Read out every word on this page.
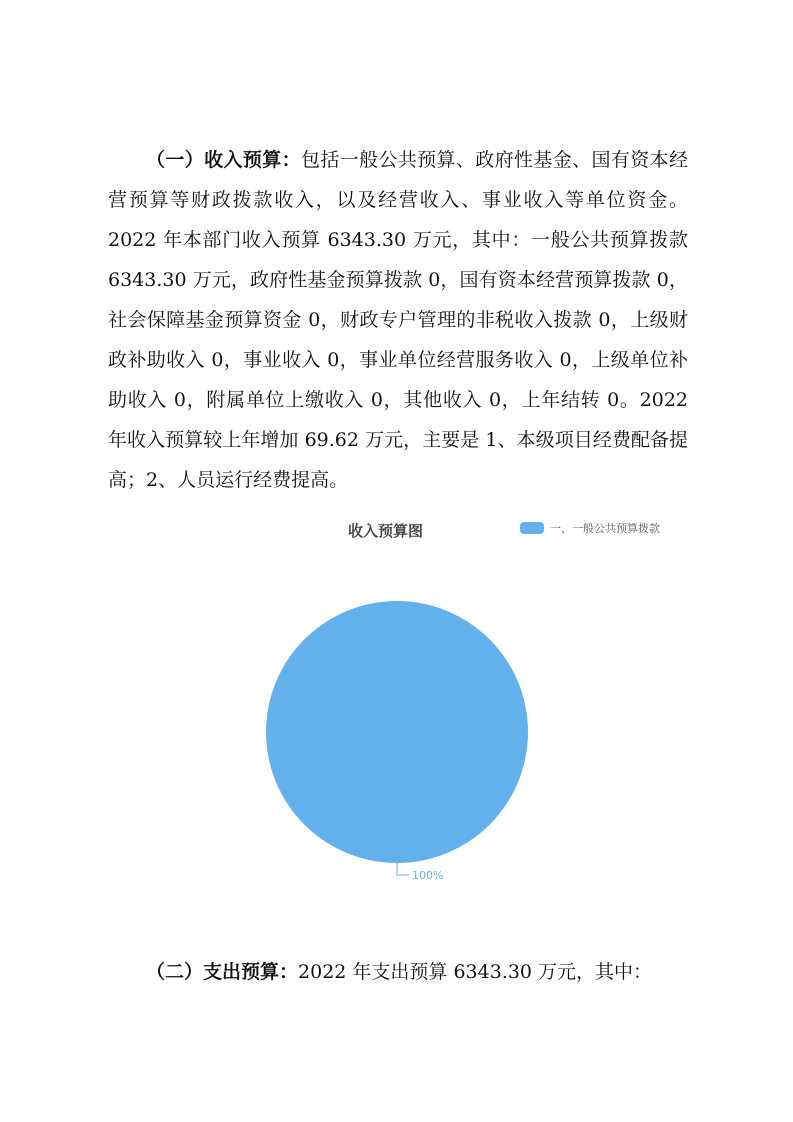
（一）收入预算：包括一般公共预算、政府性基金、国有资本经营预算等财政拨款收入，以及经营收入、事业收入等单位资金。2022 年本部门收入预算 6343.30 万元，其中：一般公共预算拨款 6343.30 万元，政府性基金预算拨款 0，国有资本经营预算拨款 0，社会保障基金预算资金 0，财政专户管理的非税收入拨款 0，上级财政补助收入 0，事业收入 0，事业单位经营服务收入 0，上级单位补助收入 0，附属单位上缴收入 0，其他收入 0，上年结转 0。2022 年收入预算较上年增加 69.62 万元，主要是 1、本级项目经费配备提高；2、人员运行经费提高。

100%
收入预算图	一、一般公共预算拨款

（二）支出预算：2022 年支出预算 6343.30 万元，其中：
